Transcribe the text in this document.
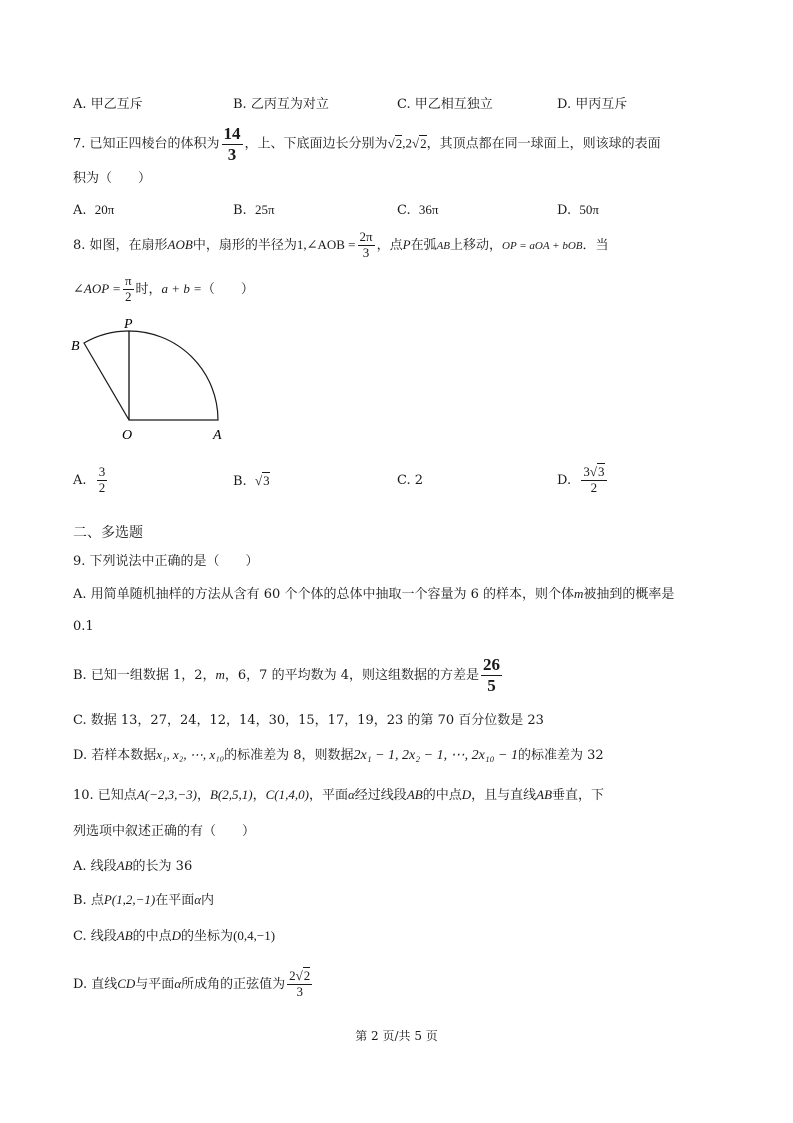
A. 甲乙互斥	B. 乙丙互为对立	C. 甲乙相互独立	D. 甲丙互斥
7. 已知正四棱台的体积为 $\frac{14}{3}$ ，上、下底面边长分别为√2,2√2，其顶点都在同一球面上，则该球的表面
积为（　　）
A. 20π	B. 25π	C. 36π	D. 50π
8. 如图，在扇形AOB中，扇形的半径为1,∠AOB = $\frac{2\pi}{3}$ ，点P在弧AB上移动，OP = aOA + bOB．当
∠AOP = $\frac{\pi}{2}$ 时，a + b =（　　）
P
B
O	A
A. $\frac{3}{2}$	B. √3	C. 2	D. $\frac{3√3}{2}$
二、多选题
9. 下列说法中正确的是（　　）
A. 用简单随机抽样的方法从含有 60 个个体的总体中抽取一个容量为 6 的样本，则个体m被抽到的概率是
0.1
B. 已知一组数据 1，2，m，6，7 的平均数为 4，则这组数据的方差是 $\frac{26}{5}$
C. 数据 13，27，24，12，14，30，15，17，19，23 的第 70 百分位数是 23
D. 若样本数据x₁, x₂, ⋯, x₁₀的标准差为 8，则数据2x₁ − 1, 2x₂ − 1, ⋯, 2x₁₀ − 1的标准差为 32
10. 已知点A(−2,3,−3)，B(2,5,1)，C(1,4,0)，平面α经过线段AB的中点D，且与直线AB垂直，下
列选项中叙述正确的有（　　）
A. 线段AB的长为 36
B. 点P(1,2,−1)在平面α内
C. 线段AB的中点D的坐标为(0,4,−1)
D. 直线CD与平面α所成角的正弦值为 $\frac{2√2}{3}$
第 2 页/共 5 页
